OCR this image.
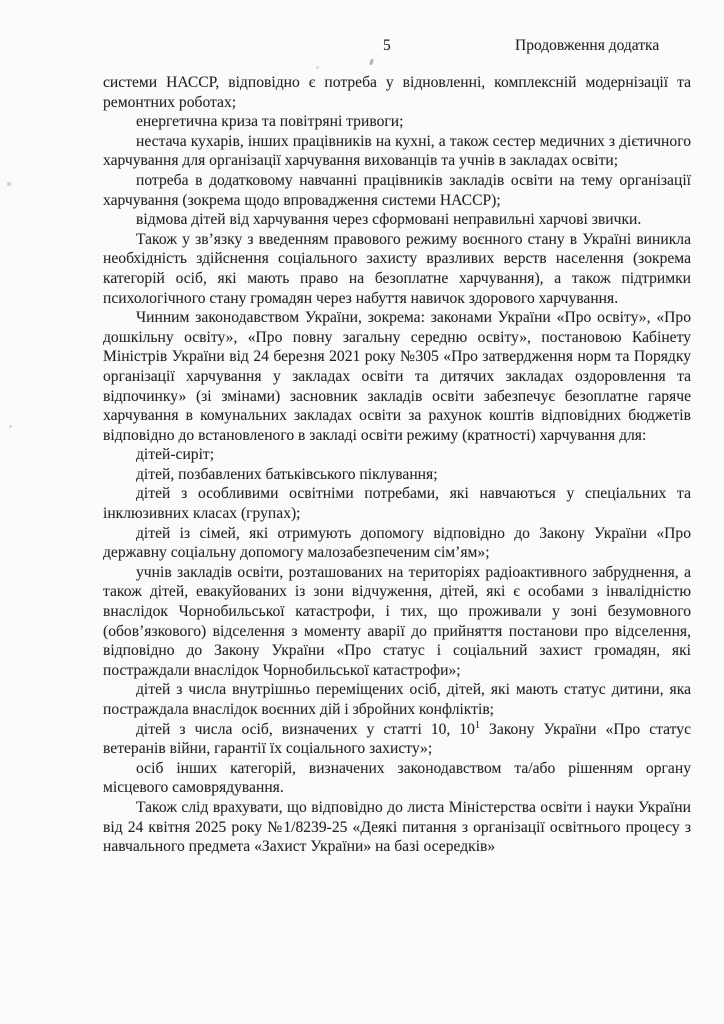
5	Продовження додатка

системи НАССР, відповідно є потреба у відновленні, комплексній модернізації та ремонтних роботах;

енергетична криза та повітряні тривоги;

нестача кухарів, інших працівників на кухні, а також сестер медичних з дієтичного харчування для організації харчування вихованців та учнів в закладах освіти;

потреба в додатковому навчанні працівників закладів освіти на тему організації харчування (зокрема щодо впровадження системи НАССР);

відмова дітей від харчування через сформовані неправильні харчові звички.

Також у зв’язку з введенням правового режиму воєнного стану в Україні виникла необхідність здійснення соціального захисту вразливих верств населення (зокрема категорій осіб, які мають право на безоплатне харчування), а також підтримки психологічного стану громадян через набуття навичок здорового харчування.

Чинним законодавством України, зокрема: законами України «Про освіту», «Про дошкільну освіту», «Про повну загальну середню освіту», постановою Кабінету Міністрів України від 24 березня 2021 року №305 «Про затвердження норм та Порядку організації харчування у закладах освіти та дитячих закладах оздоровлення та відпочинку» (зі змінами) засновник закладів освіти забезпечує безоплатне гаряче харчування в комунальних закладах освіти за рахунок коштів відповідних бюджетів відповідно до встановленого в закладі освіти режиму (кратності) харчування для:

дітей-сиріт;

дітей, позбавлених батьківського піклування;

дітей з особливими освітніми потребами, які навчаються у спеціальних та інклюзивних класах (групах);

дітей із сімей, які отримують допомогу відповідно до Закону України «Про державну соціальну допомогу малозабезпеченим сім’ям»;

учнів закладів освіти, розташованих на територіях радіоактивного забруднення, а також дітей, евакуйованих із зони відчуження, дітей, які є особами з інвалідністю внаслідок Чорнобильської катастрофи, і тих, що проживали у зоні безумовного (обов’язкового) відселення з моменту аварії до прийняття постанови про відселення, відповідно до Закону України «Про статус і соціальний захист громадян, які постраждали внаслідок Чорнобильської катастрофи»;

дітей з числа внутрішньо переміщених осіб, дітей, які мають статус дитини, яка постраждала внаслідок воєнних дій і збройних конфліктів;

дітей з числа осіб, визначених у статті 10, $10^1$ Закону України «Про статус ветеранів війни, гарантії їх соціального захисту»;

осіб інших категорій, визначених законодавством та/або рішенням органу місцевого самоврядування.

Також слід врахувати, що відповідно до листа Міністерства освіти і науки України від 24 квітня 2025 року №1/8239-25 «Деякі питання з організації освітнього процесу з навчального предмета «Захист України» на базі осередків»
